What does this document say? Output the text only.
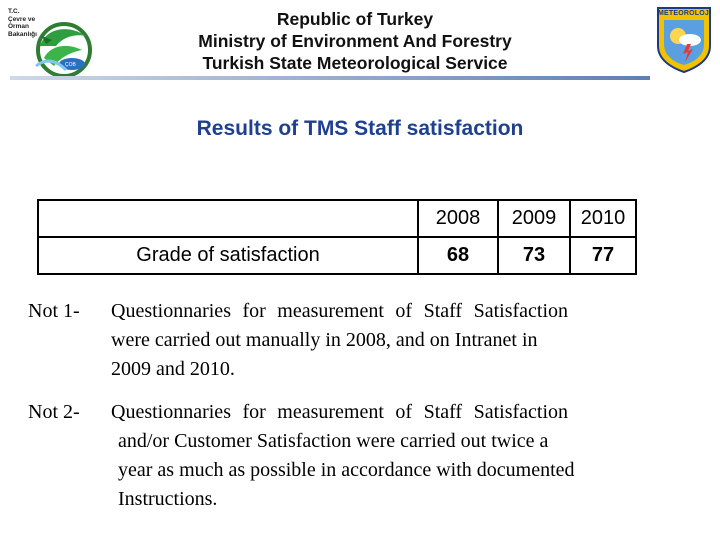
ÇOB
T.C.
Çevre ve Orman
Bakanlığı
Republic of Turkey
Ministry of Environment And Forestry
Turkish State Meteorological Service
METEOROLOJİ
Results of TMS Staff satisfaction
	2008	2009	2010
Grade of satisfaction	68	73	77
Not 1- Questionnaries for measurement of Staff Satisfaction
were carried out manually in 2008, and on Intranet in
2009 and 2010.
Not 2- Questionnaries for measurement of Staff Satisfaction
and/or Customer Satisfaction were carried out twice a
year as much as possible in accordance with documented
Instructions.
